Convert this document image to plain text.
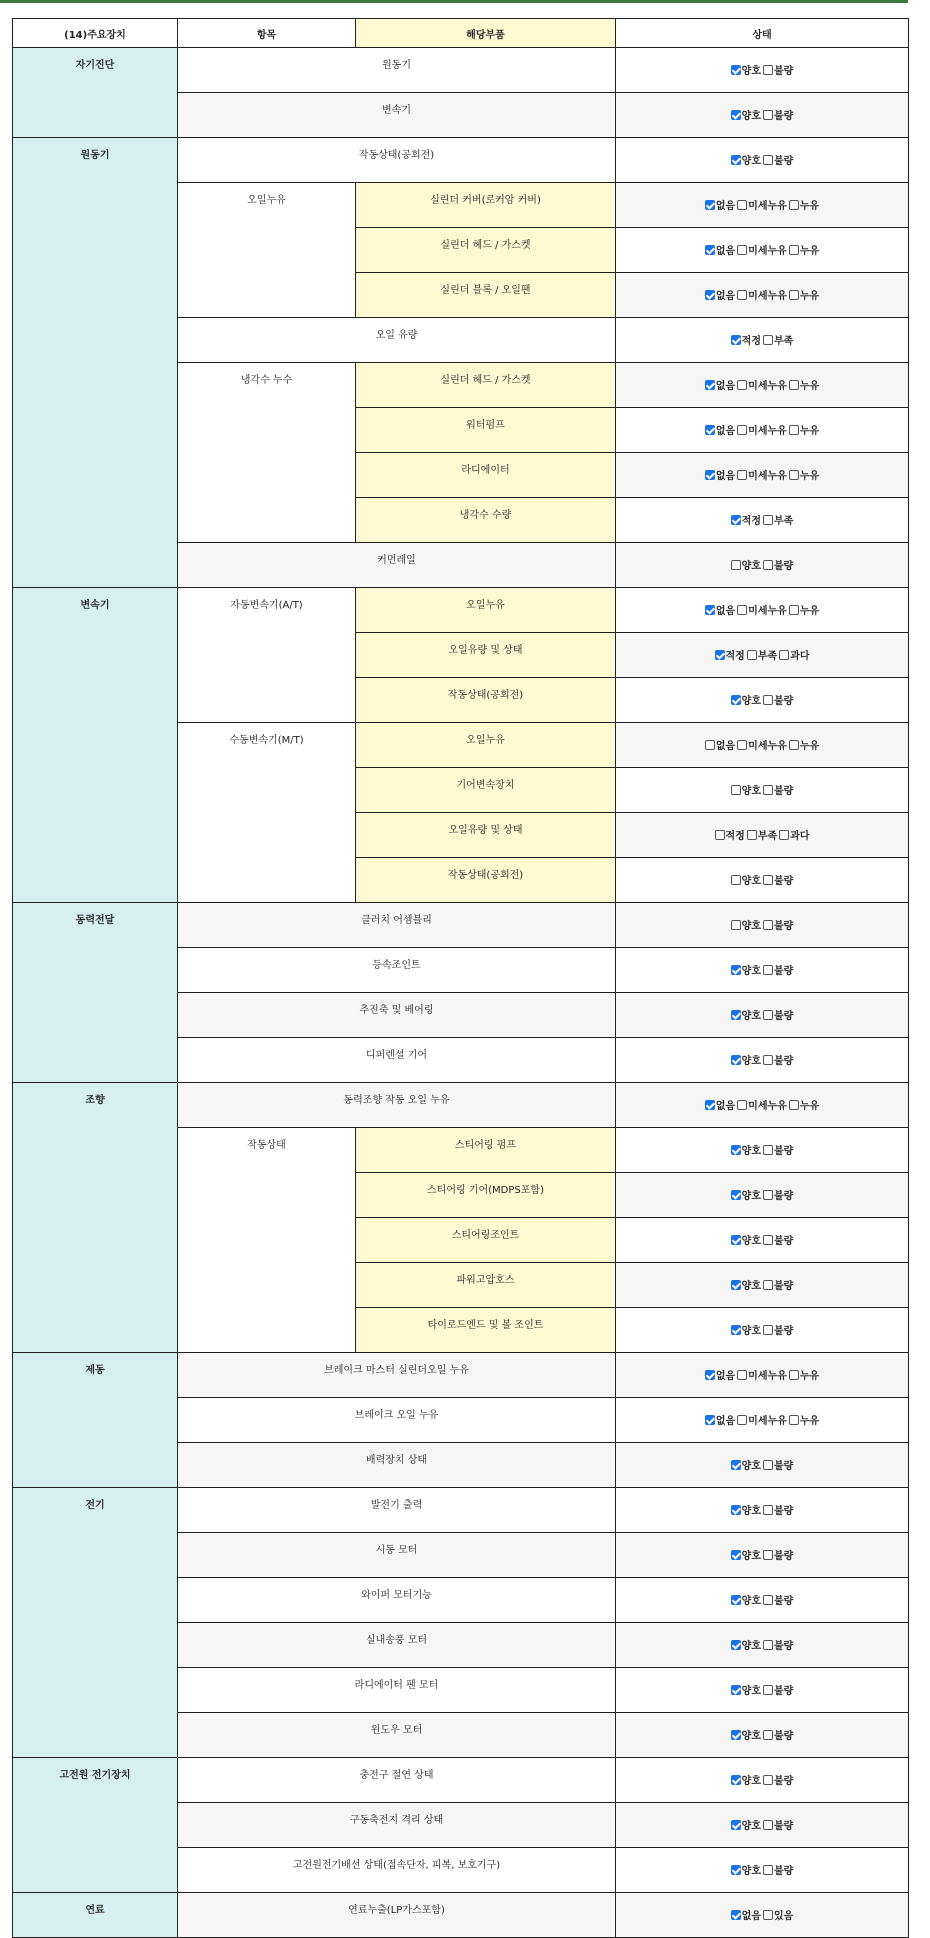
(14)주요장치	항목	해당부품	상태
자기진단	원동기		양호 불량

	변속기		양호 불량

원동기	작동상태(공회전)		양호 불량

	오일누유	실린더 커버(로커암 커버)	없음 미세누유 누유

		실린더 헤드 / 가스켓	없음 미세누유 누유

		실린더 블록 / 오일팬	없음 미세누유 누유

	오일 유량		적정 부족

	냉각수 누수	실린더 헤드 / 가스켓	없음 미세누유 누유

		워터펌프	없음 미세누유 누유

		라디에이터	없음 미세누유 누유

		냉각수 수량	적정 부족

	커먼레일		양호 불량

변속기	자동변속기(A/T)	오일누유	없음 미세누유 누유

		오일유량 및 상태	적정 부족 과다

		작동상태(공회전)	양호 불량

	수동변속기(M/T)	오일누유	없음 미세누유 누유

		기어변속장치	양호 불량

		오일유량 및 상태	적정 부족 과다

		작동상태(공회전)	양호 불량

동력전달	클러치 어셈블리		양호 불량

	등속조인트		양호 불량

	추진축 및 베어링		양호 불량

	디퍼렌셜 기어		양호 불량

조향	동력조향 작동 오일 누유		없음 미세누유 누유

	작동상태	스티어링 펌프	양호 불량

		스티어링 기어(MDPS포함)	양호 불량

		스티어링조인트	양호 불량

		파워고압호스	양호 불량

		타이로드엔드 및 볼 조인트	양호 불량

제동	브레이크 마스터 실린더오일 누유		없음 미세누유 누유

	브레이크 오일 누유		없음 미세누유 누유

	배력장치 상태		양호 불량

전기	발전기 출력		양호 불량

	시동 모터		양호 불량

	와이퍼 모터기능		양호 불량

	실내송풍 모터		양호 불량

	라디에이터 팬 모터		양호 불량

	윈도우 모터		양호 불량

고전원 전기장치	충전구 절연 상태		양호 불량

	구동축전지 격리 상태		양호 불량

	고전원전기배선 상태(접속단자, 피복, 보호기구)		양호 불량

연료	연료누출(LP가스포함)		없음 있음
